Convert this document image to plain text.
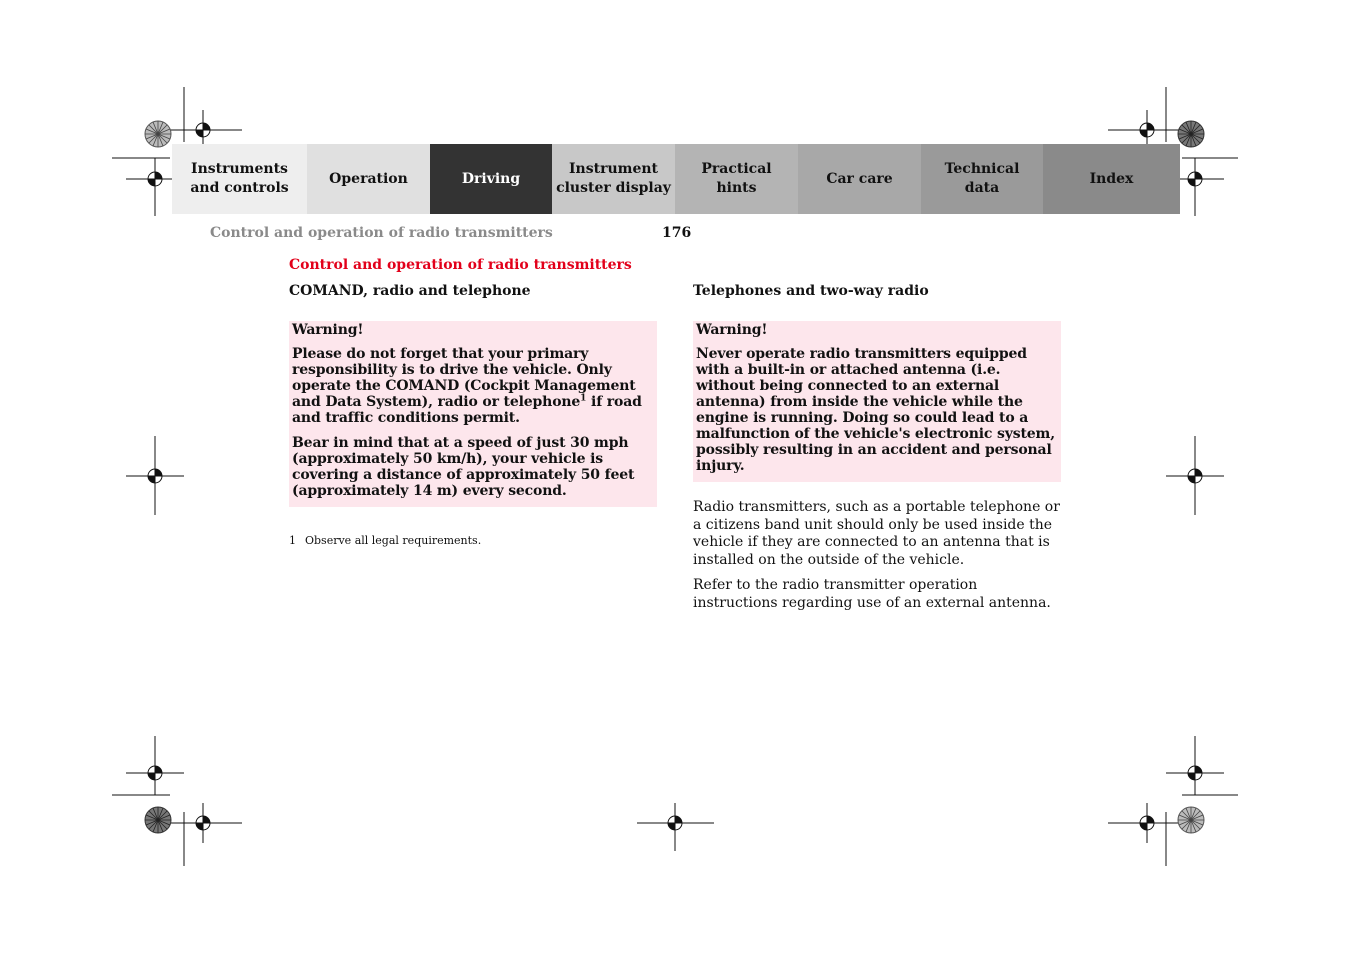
Instruments
and controls
Operation	Driving
Instrument
cluster display
Practical hints
Car care
Technical
data
Index
Control and operation of radio transmitters	176
Control and operation of radio transmitters
COMAND, radio and telephone
Warning!

Please do not forget that your primary responsibility is to drive the vehicle. Only operate the COMAND (Cockpit Management and Data System), radio or telephone$^1$ if road and traffic conditions permit.

Bear in mind that at a speed of just 30 mph (approximately 50 km/h), your vehicle is covering a distance of approximately 50 feet (approximately 14 m) every second.

1 Observe all legal requirements.
Telephones and two-way radio
Warning!

Never operate radio transmitters equipped with a built-in or attached antenna (i.e. without being connected to an external antenna) from inside the vehicle while the engine is running. Doing so could lead to a malfunction of the vehicle's electronic system, possibly resulting in an accident and personal injury.

Radio transmitters, such as a portable telephone or a citizens band unit should only be used inside the vehicle if they are connected to an antenna that is installed on the outside of the vehicle.

Refer to the radio transmitter operation instructions regarding use of an external antenna.
